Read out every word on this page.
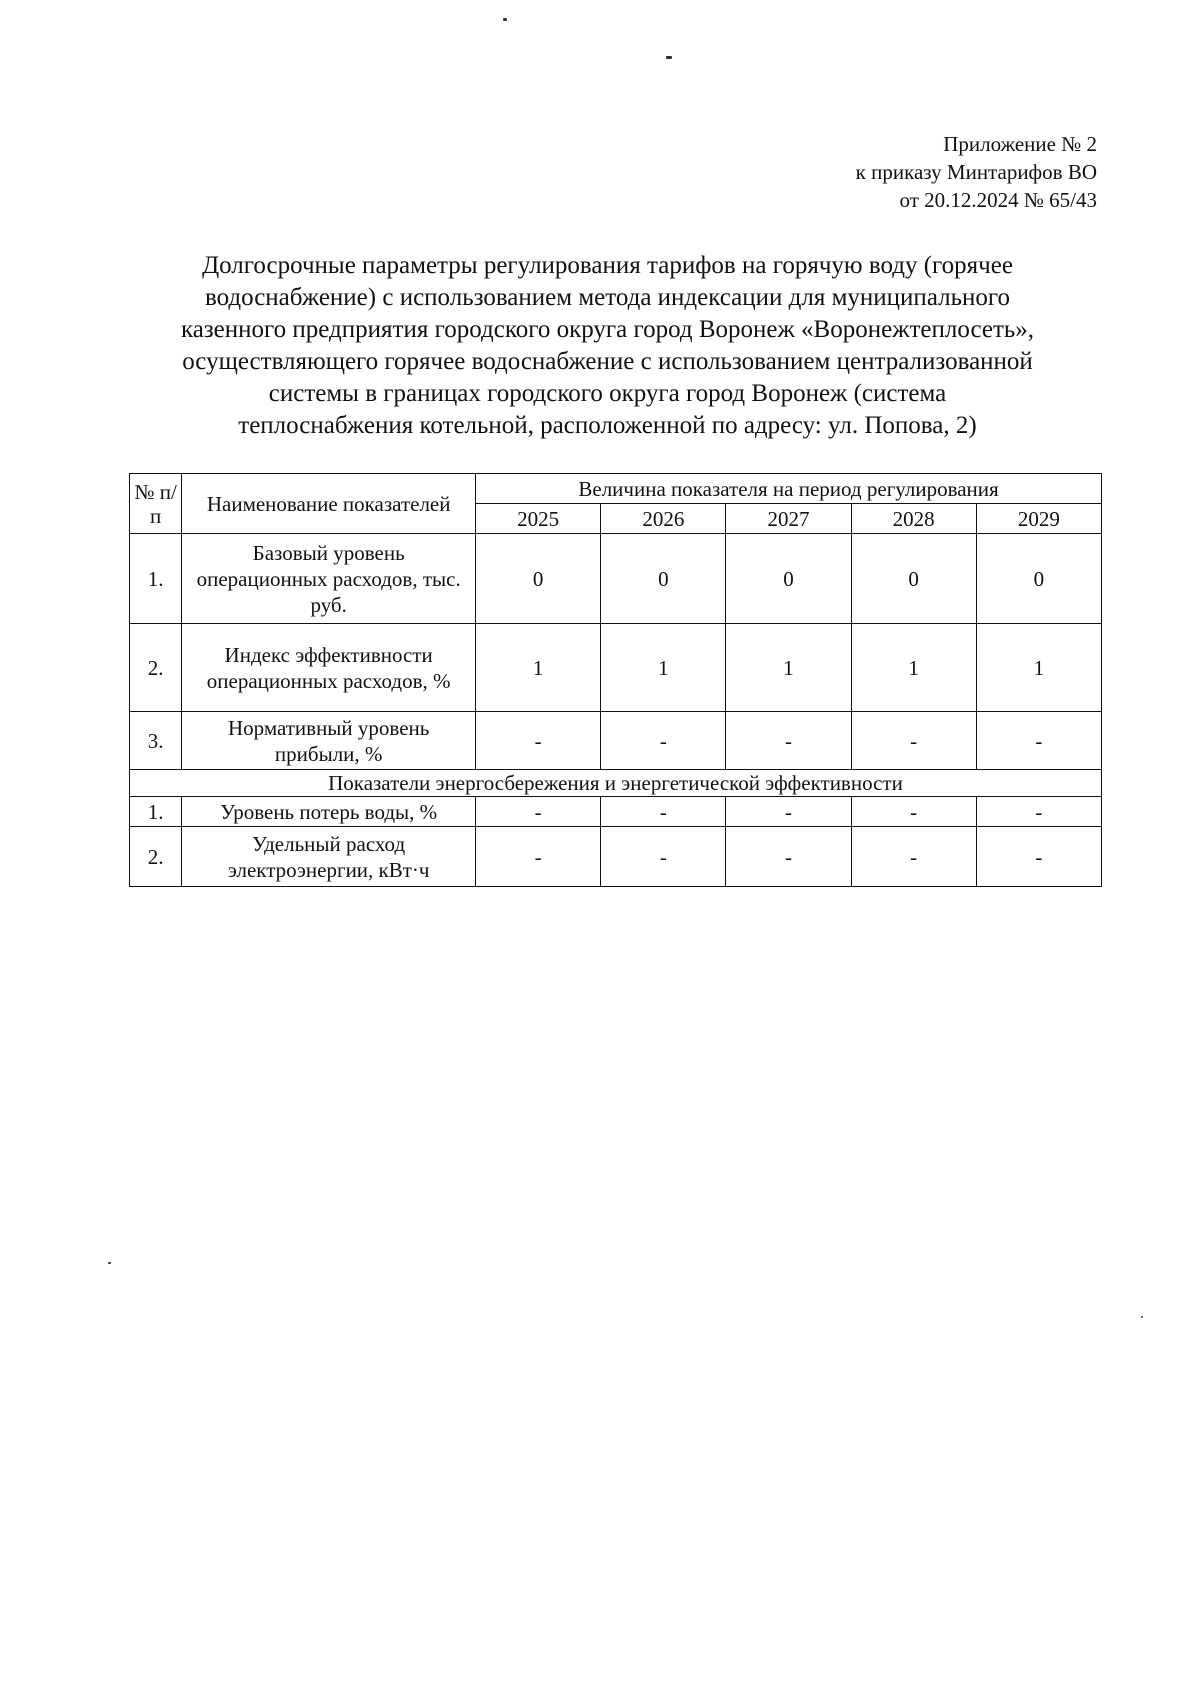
Приложение № 2
к приказу Минтарифов ВО
от 20.12.2024 № 65/43
Долгосрочные параметры регулирования тарифов на горячую воду (горячее
водоснабжение) с использованием метода индексации для муниципального
казенного предприятия городского округа город Воронеж «Воронежтеплосеть»,
осуществляющего горячее водоснабжение с использованием централизованной
системы в границах городского округа город Воронеж (система
теплоснабжения котельной, расположенной по адресу: ул. Попова, 2)
№ п/п	Наименование показателей	Величина показателя на период регулирования				
		2025	2026	2027	2028	2029
1.	Базовый уровень операционных расходов, тыс. руб.	0	0	0	0	0
2.	Индекс эффективности операционных расходов, %	1	1	1	1	1
3.	Нормативный уровень прибыли, %	-	-	-	-	-
Показатели энергосбережения и энергетической эффективности						
1.	Уровень потерь воды, %	-	-	-	-	-
2.	Удельный расход электроэнергии, кВт·ч	-	-	-	-	-
